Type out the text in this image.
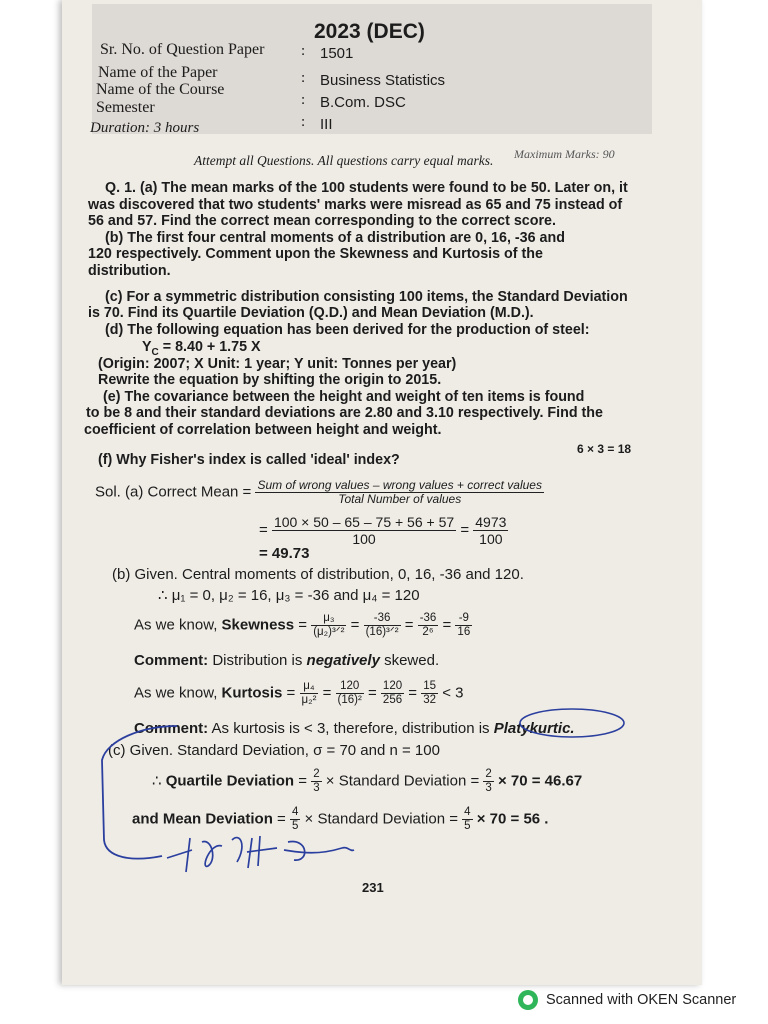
2023 (DEC)
Sr. No. of Question Paper : 1501
Name of the Paper	: Business Statistics
Name of the Course
: B.Com. DSC
Semester
: III
Duration: 3 hours
Maximum Marks: 90
Attempt all Questions. All questions carry equal marks.
Q. 1. (a) The mean marks of the 100 students were found to be 50. Later on, it
was discovered that two students' marks were misread as 65 and 75 instead of
56 and 57. Find the correct mean corresponding to the correct score.
(b) The first four central moments of a distribution are 0, 16, -36 and
120 respectively. Comment upon the Skewness and Kurtosis of the
distribution.
(c) For a symmetric distribution consisting 100 items, the Standard Deviation
is 70. Find its Quartile Deviation (Q.D.) and Mean Deviation (M.D.).
(d) The following equation has been derived for the production of steel:
$Y_C = 8.40 + 1.75$ X
(Origin: 2007; X Unit: 1 year; Y unit: Tonnes per year)
Rewrite the equation by shifting the origin to 2015.
(e) The covariance between the height and weight of ten items is found
to be 8 and their standard deviations are 2.80 and 3.10 respectively. Find the
coefficient of correlation between height and weight.
6 × 3 = 18
(f) Why Fisher's index is called 'ideal' index?
Sol. (a) Correct Mean = $\frac{\text{Sum of wrong values – wrong values + correct values}}{\text{Total Number of values}}$
= $\frac{100 \times 50 - 65 - 75 + 56 + 57}{100} = \frac{4973}{100}$
= 49.73
(b) Given. Central moments of distribution, 0, 16, -36 and 120.
∴ μ₁ = 0, μ₂ = 16, μ₃ = -36 and μ₄ = 120
As we know, Skewness = $\frac{\text{μ₃}}{\text{(μ₂)³ᐟ²}} = \frac{-36}{\text{(16)³ᐟ²}} = \frac{-36}{\text{2⁶}} = \frac{-9}{16}$
Comment: Distribution is negatively skewed.
As we know, Kurtosis = $\frac{\text{μ₄}}{\text{μ₂²}} = \frac{120}{\text{(16)²}} = \frac{120}{256} = \frac{15}{32} < 3$
Comment: As kurtosis is < 3, therefore, distribution is Platykurtic.
(c) Given. Standard Deviation, σ = 70 and n = 100
∴ Quartile Deviation = $\frac{2}{3}$ × Standard Deviation = $\frac{2}{3} \times 70 = 46.67$
and Mean Deviation = $\frac{4}{5}$ × Standard Deviation = $\frac{4}{5} \times 70 = 56$ .
231
Scanned with OKEN Scanner
